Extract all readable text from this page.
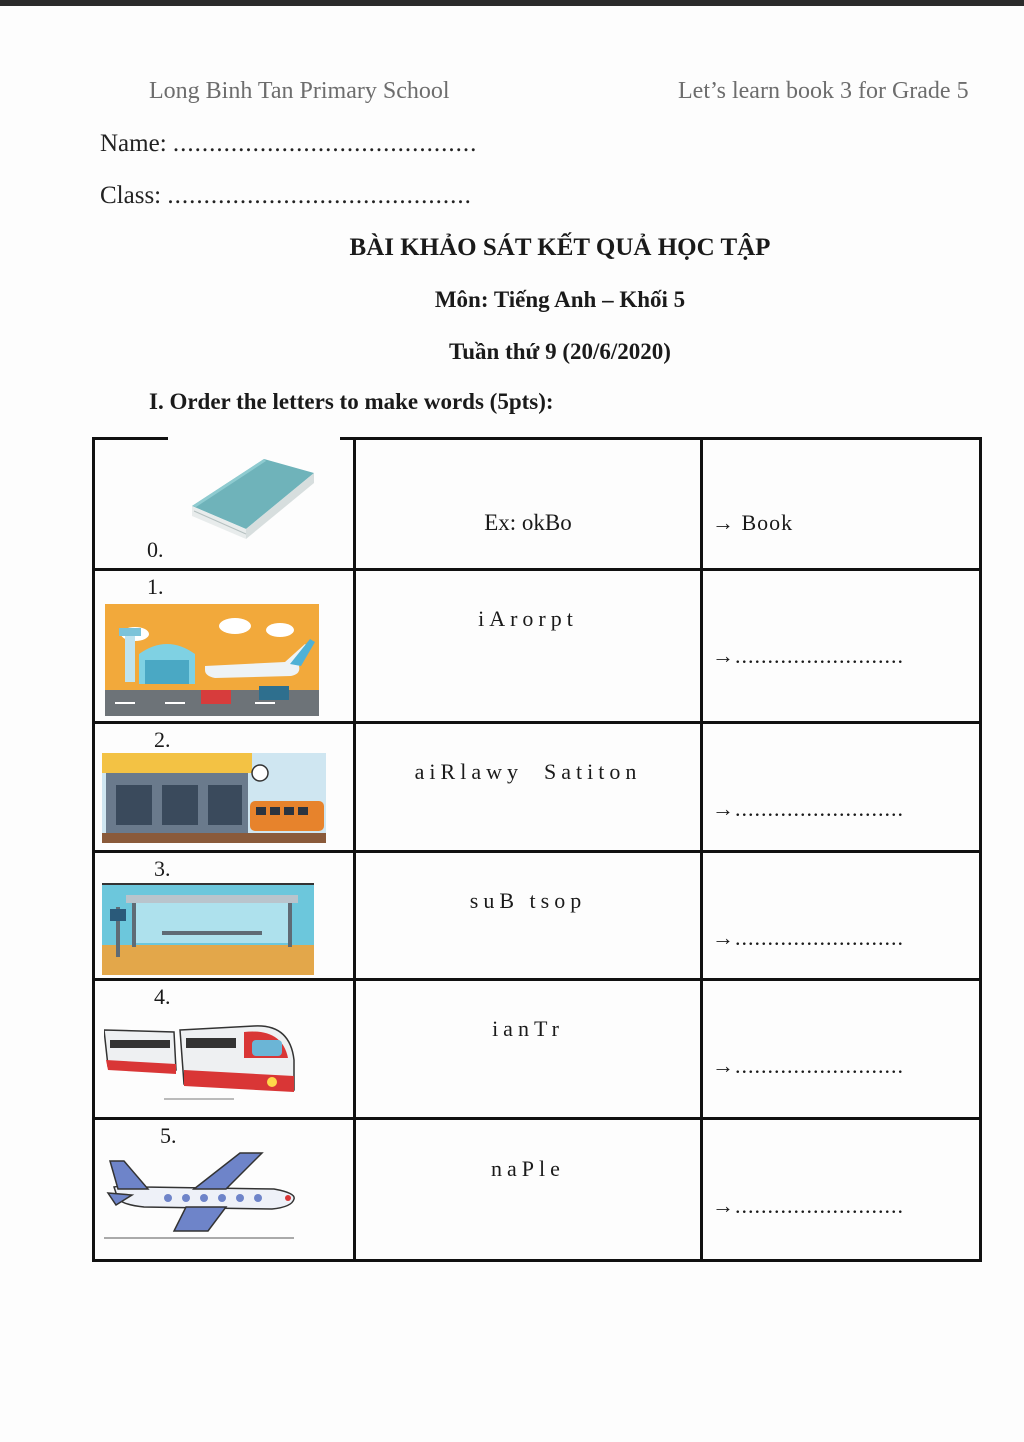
Long Binh Tan Primary School	Let’s learn book 3 for Grade 5
Name: ..........................................
Class: ..........................................
BÀI KHẢO SÁT KẾT QUẢ HỌC TẬP
Môn: Tiếng Anh – Khối 5
Tuần thứ 9 (20/6/2020)
I. Order the letters to make words (5pts):
0.
Ex: okBo	→ Book
1.
iArorpt
→..........................
2.
aiRlawy  Satiton
→..........................
3.
suB tsop
→..........................
4.
ianTr
→..........................
5.
naPle
→..........................
